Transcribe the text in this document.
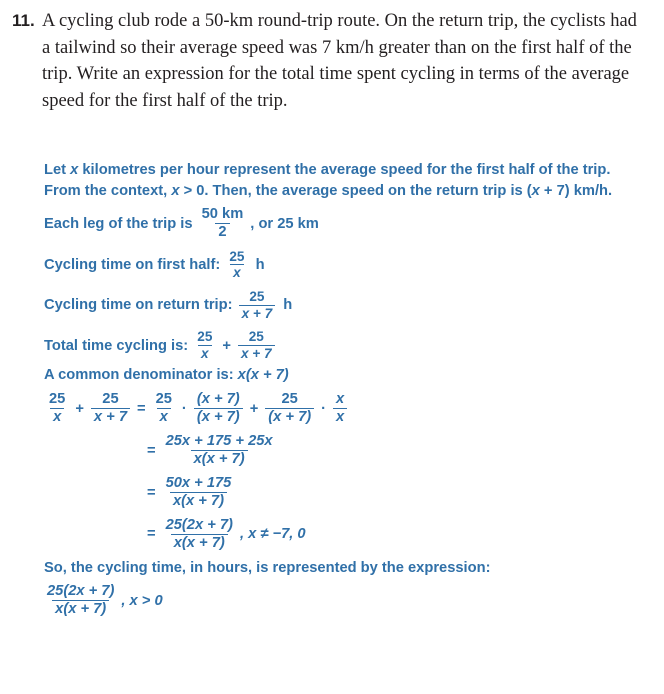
11. A cycling club rode a 50-km round-trip route. On the return trip, the cyclists had a tailwind so their average speed was 7 km/h greater than on the first half of the trip. Write an expression for the total time spent cycling in terms of the average speed for the first half of the trip.

Let x kilometres per hour represent the average speed for the first half of the trip. From the context, x > 0. Then, the average speed on the return trip is (x + 7) km/h.

Each leg of the trip is $\frac{50 km}{2}$ , or 25 km
Cycling time on first half: $\frac{25}{x}$ h
Cycling time on return trip: $\frac{25}{x + 7}$ h
Total time cycling is: $\frac{25}{x} + \frac{25}{x + 7}$
A common denominator is: x(x + 7)
$\frac{25}{x} + \frac{25}{x + 7} = \frac{25}{x} \cdot \frac{(x + 7)}{(x + 7)} + \frac{25}{(x + 7)} \cdot \frac{x}{x}$
= $\frac{25x + 175 + 25x}{x(x + 7)}$
= $\frac{50x + 175}{x(x + 7)}$
= $\frac{25(2x + 7)}{x(x + 7)}$ , x ≠ −7, 0
So, the cycling time, in hours, is represented by the expression:
$\frac{25(2x + 7)}{x(x + 7)}$ , x > 0
